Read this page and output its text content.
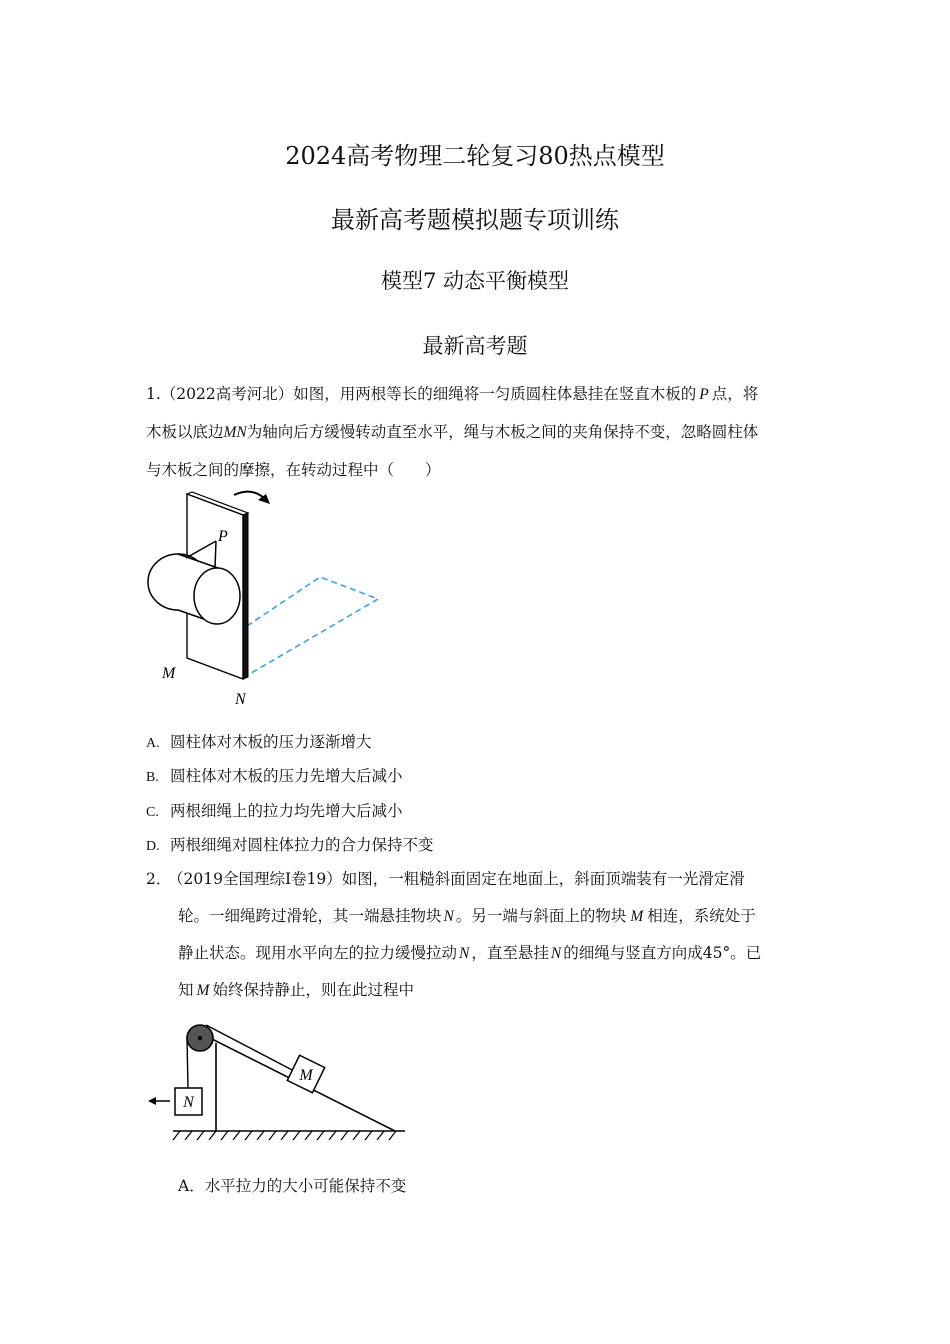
2024高考物理二轮复习80热点模型
最新高考题模拟题专项训练
模型7 动态平衡模型
最新高考题
1.（2022高考河北）如图，用两根等长的细绳将一匀质圆柱体悬挂在竖直木板的 P 点，将
木板以底边MN为轴向后方缓慢转动直至水平，绳与木板之间的夹角保持不变，忽略圆柱体
与木板之间的摩擦，在转动过程中（　　）
P
M
N
A. 圆柱体对木板的压力逐渐增大
B. 圆柱体对木板的压力先增大后减小
C. 两根细绳上的拉力均先增大后减小
D. 两根细绳对圆柱体拉力的合力保持不变
2．（2019全国理综I卷19）如图，一粗糙斜面固定在地面上，斜面顶端装有一光滑定滑
轮。一细绳跨过滑轮，其一端悬挂物块 N 。另一端与斜面上的物块 M 相连，系统处于
静止状态。现用水平向左的拉力缓慢拉动 N ，直至悬挂 N 的细绳与竖直方向成45°。已
知 M 始终保持静止，则在此过程中
M
N
A．水平拉力的大小可能保持不变
